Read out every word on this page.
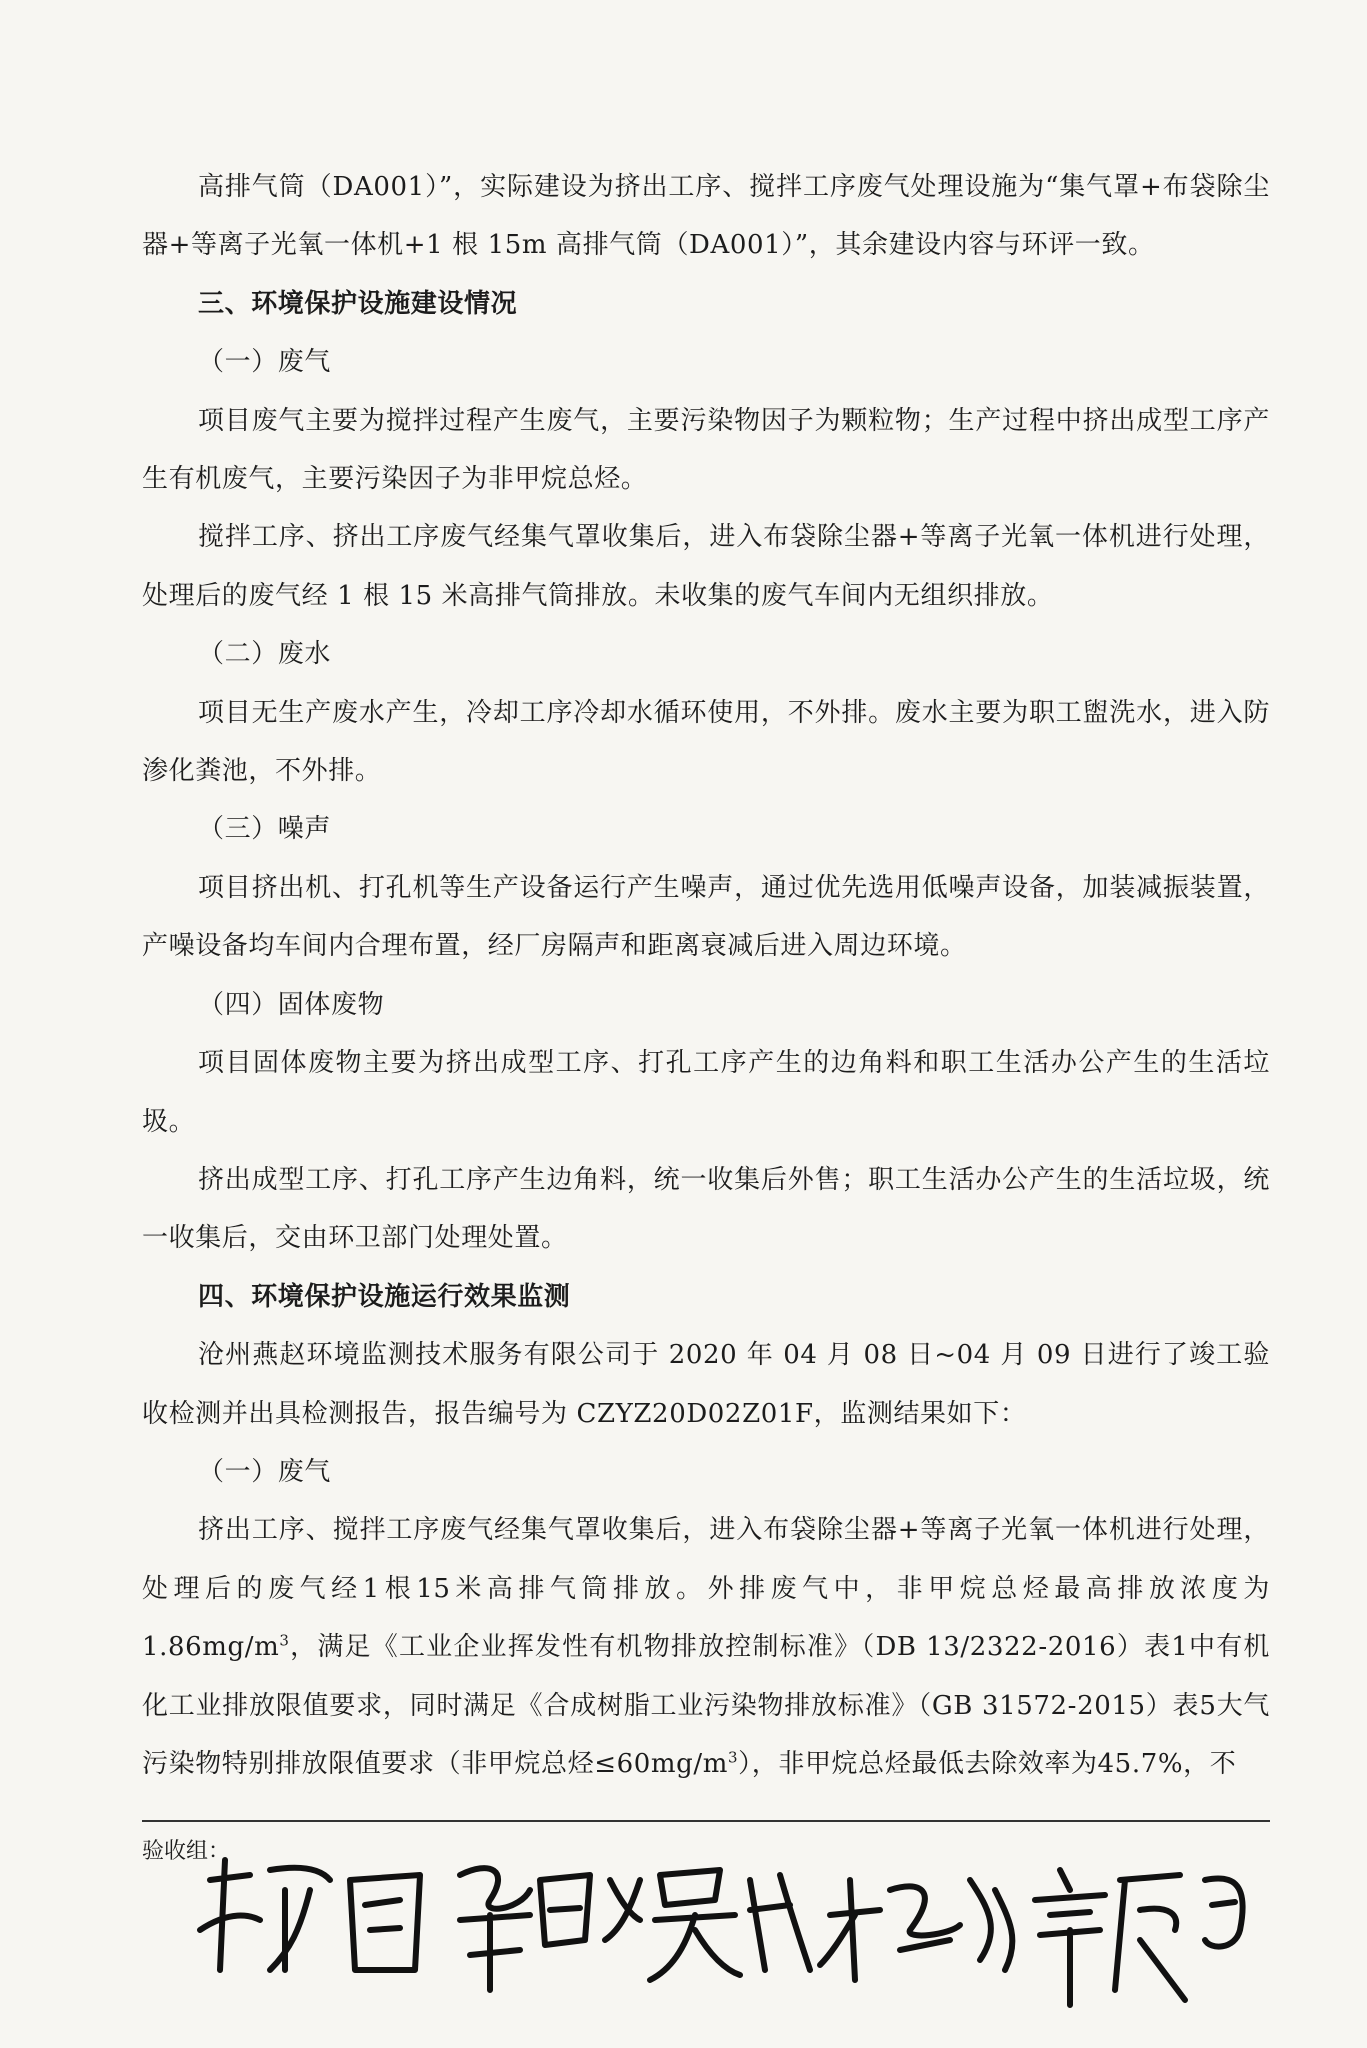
高排气筒（DA001）”，实际建设为挤出工序、搅拌工序废气处理设施为“集气罩+布袋除尘器+等离子光氧一体机+1 根 15m 高排气筒（DA001）”，其余建设内容与环评一致。

三、环境保护设施建设情况

（一）废气

项目废气主要为搅拌过程产生废气，主要污染物因子为颗粒物；生产过程中挤出成型工序产生有机废气，主要污染因子为非甲烷总烃。

搅拌工序、挤出工序废气经集气罩收集后，进入布袋除尘器+等离子光氧一体机进行处理，处理后的废气经 1 根 15 米高排气筒排放。未收集的废气车间内无组织排放。

（二）废水

项目无生产废水产生，冷却工序冷却水循环使用，不外排。废水主要为职工盥洗水，进入防渗化粪池，不外排。

（三）噪声

项目挤出机、打孔机等生产设备运行产生噪声，通过优先选用低噪声设备，加装减振装置，产噪设备均车间内合理布置，经厂房隔声和距离衰减后进入周边环境。

（四）固体废物

项目固体废物主要为挤出成型工序、打孔工序产生的边角料和职工生活办公产生的生活垃圾。

挤出成型工序、打孔工序产生边角料，统一收集后外售；职工生活办公产生的生活垃圾，统一收集后，交由环卫部门处理处置。

四、环境保护设施运行效果监测

沧州燕赵环境监测技术服务有限公司于 2020 年 04 月 08 日~04 月 09 日进行了竣工验收检测并出具检测报告，报告编号为 CZYZ20D02Z01F，监测结果如下：

（一）废气

挤出工序、搅拌工序废气经集气罩收集后，进入布袋除尘器+等离子光氧一体机进行处理，处理后的废气经1根15米高排气筒排放。外排废气中，非甲烷总烃最高排放浓度为$1.86mg/m^3$，满足《工业企业挥发性有机物排放控制标准》（DB 13/2322-2016）表1中有机化工业排放限值要求，同时满足《合成树脂工业污染物排放标准》（GB 31572-2015）表5大气污染物特别排放限值要求（非甲烷总烃$\le 60mg/m^3$），非甲烷总烃最低去除效率为45.7%，不

验收组：
